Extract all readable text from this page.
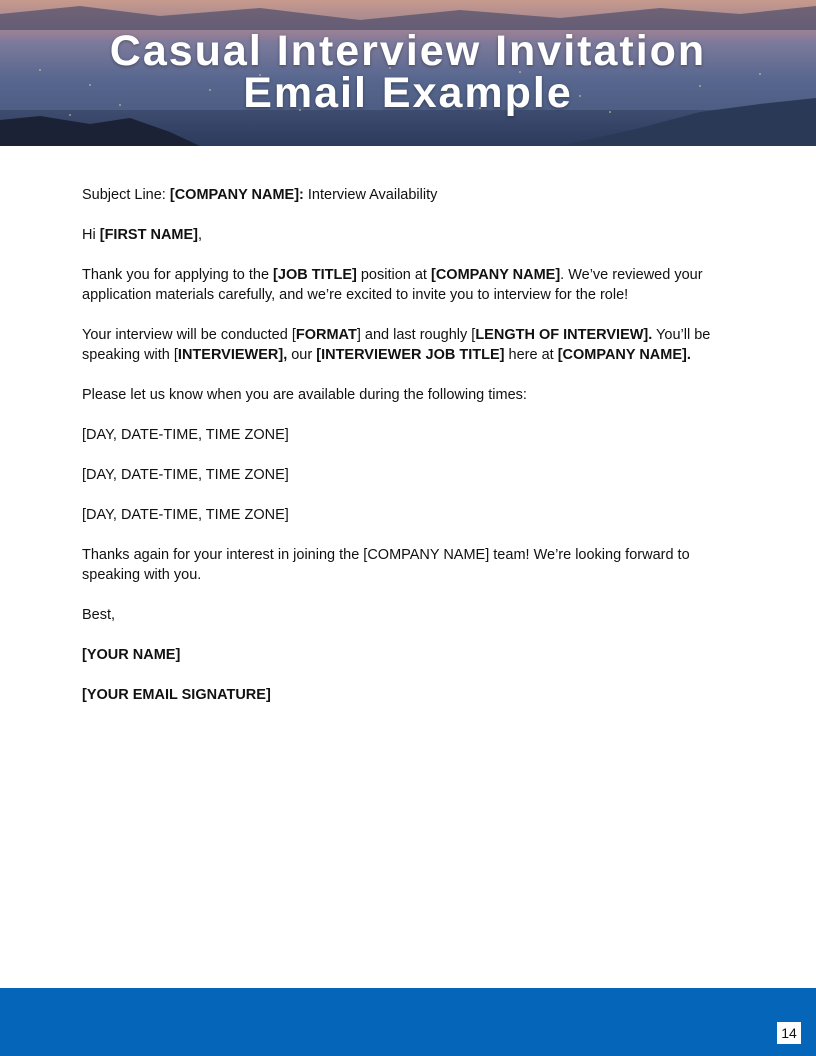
Casual Interview Invitation
Email Example

Subject Line: [COMPANY NAME]: Interview Availability

Hi [FIRST NAME],

Thank you for applying to the [JOB TITLE] position at [COMPANY NAME]. We’ve reviewed your application materials carefully, and we’re excited to invite you to interview for the role!

Your interview will be conducted [FORMAT] and last roughly [LENGTH OF INTERVIEW]. You’ll be speaking with [INTERVIEWER], our [INTERVIEWER JOB TITLE] here at [COMPANY NAME].

Please let us know when you are available during the following times:

[DAY, DATE-TIME, TIME ZONE]

[DAY, DATE-TIME, TIME ZONE]

[DAY, DATE-TIME, TIME ZONE]

Thanks again for your interest in joining the [COMPANY NAME] team! We’re looking forward to speaking with you.

Best,

[YOUR NAME]

[YOUR EMAIL SIGNATURE]

14
